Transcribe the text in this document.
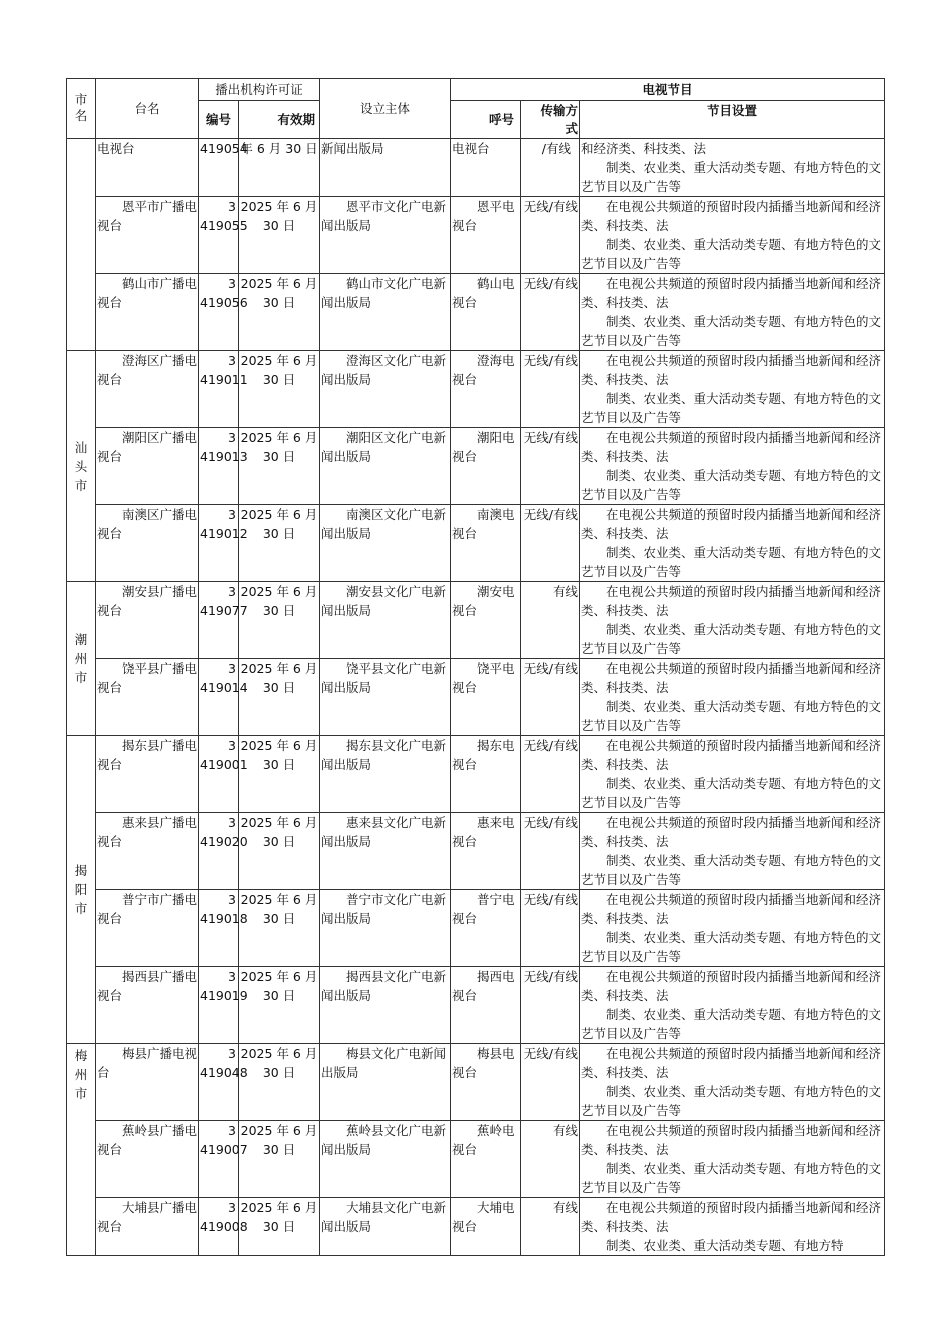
市名	台名	播出机构许可证		设立主体	电视节目		
		编号	有效期		呼号	传输方式	节目设置
	电视台	419054	年 6 月 30 日	新闻出版局	电视台	/有线	和经济类、科技类、法
制类、农业类、重大活动类专题、有地方特色的文艺节目以及广告等

	恩平市广播电视台	3 419055	2025 年 6 月 30 日	恩平市文化广电新闻出版局	恩平电视台	无线/有线	在电视公共频道的预留时段内插播当地新闻和经济类、科技类、法
制类、农业类、重大活动类专题、有地方特色的文艺节目以及广告等

	鹤山市广播电视台	3 419056	2025 年 6 月 30 日	鹤山市文化广电新闻出版局	鹤山电视台	无线/有线	在电视公共频道的预留时段内插播当地新闻和经济类、科技类、法
制类、农业类、重大活动类专题、有地方特色的文艺节目以及广告等

汕头市	澄海区广播电视台	3 419011	2025 年 6 月 30 日	澄海区文化广电新闻出版局	澄海电视台	无线/有线	在电视公共频道的预留时段内插播当地新闻和经济类、科技类、法
制类、农业类、重大活动类专题、有地方特色的文艺节目以及广告等

	潮阳区广播电视台	3 419013	2025 年 6 月 30 日	潮阳区文化广电新闻出版局	潮阳电视台	无线/有线	在电视公共频道的预留时段内插播当地新闻和经济类、科技类、法
制类、农业类、重大活动类专题、有地方特色的文艺节目以及广告等

	南澳区广播电视台	3 419012	2025 年 6 月 30 日	南澳区文化广电新闻出版局	南澳电视台	无线/有线	在电视公共频道的预留时段内插播当地新闻和经济类、科技类、法
制类、农业类、重大活动类专题、有地方特色的文艺节目以及广告等

潮州市	潮安县广播电视台	3 419077	2025 年 6 月 30 日	潮安县文化广电新闻出版局	潮安电视台	有线	在电视公共频道的预留时段内插播当地新闻和经济类、科技类、法
制类、农业类、重大活动类专题、有地方特色的文艺节目以及广告等

	饶平县广播电视台	3 419014	2025 年 6 月 30 日	饶平县文化广电新闻出版局	饶平电视台	无线/有线	在电视公共频道的预留时段内插播当地新闻和经济类、科技类、法
制类、农业类、重大活动类专题、有地方特色的文艺节目以及广告等

揭阳市	揭东县广播电视台	3 419001	2025 年 6 月 30 日	揭东县文化广电新闻出版局	揭东电视台	无线/有线	在电视公共频道的预留时段内插播当地新闻和经济类、科技类、法
制类、农业类、重大活动类专题、有地方特色的文艺节目以及广告等

	惠来县广播电视台	3 419020	2025 年 6 月 30 日	惠来县文化广电新闻出版局	惠来电视台	无线/有线	在电视公共频道的预留时段内插播当地新闻和经济类、科技类、法
制类、农业类、重大活动类专题、有地方特色的文艺节目以及广告等

	普宁市广播电视台	3 419018	2025 年 6 月 30 日	普宁市文化广电新闻出版局	普宁电视台	无线/有线	在电视公共频道的预留时段内插播当地新闻和经济类、科技类、法
制类、农业类、重大活动类专题、有地方特色的文艺节目以及广告等

	揭西县广播电视台	3 419019	2025 年 6 月 30 日	揭西县文化广电新闻出版局	揭西电视台	无线/有线	在电视公共频道的预留时段内插播当地新闻和经济类、科技类、法
制类、农业类、重大活动类专题、有地方特色的文艺节目以及广告等

梅州市	梅县广播电视台	3 419048	2025 年 6 月 30 日	梅县文化广电新闻出版局	梅县电视台	无线/有线	在电视公共频道的预留时段内插播当地新闻和经济类、科技类、法
制类、农业类、重大活动类专题、有地方特色的文艺节目以及广告等

	蕉岭县广播电视台	3 419007	2025 年 6 月 30 日	蕉岭县文化广电新闻出版局	蕉岭电视台	有线	在电视公共频道的预留时段内插播当地新闻和经济类、科技类、法
制类、农业类、重大活动类专题、有地方特色的文艺节目以及广告等

	大埔县广播电视台	3 419008	2025 年 6 月 30 日	大埔县文化广电新闻出版局	大埔电视台	有线	在电视公共频道的预留时段内插播当地新闻和经济类、科技类、法
制类、农业类、重大活动类专题、有地方特
